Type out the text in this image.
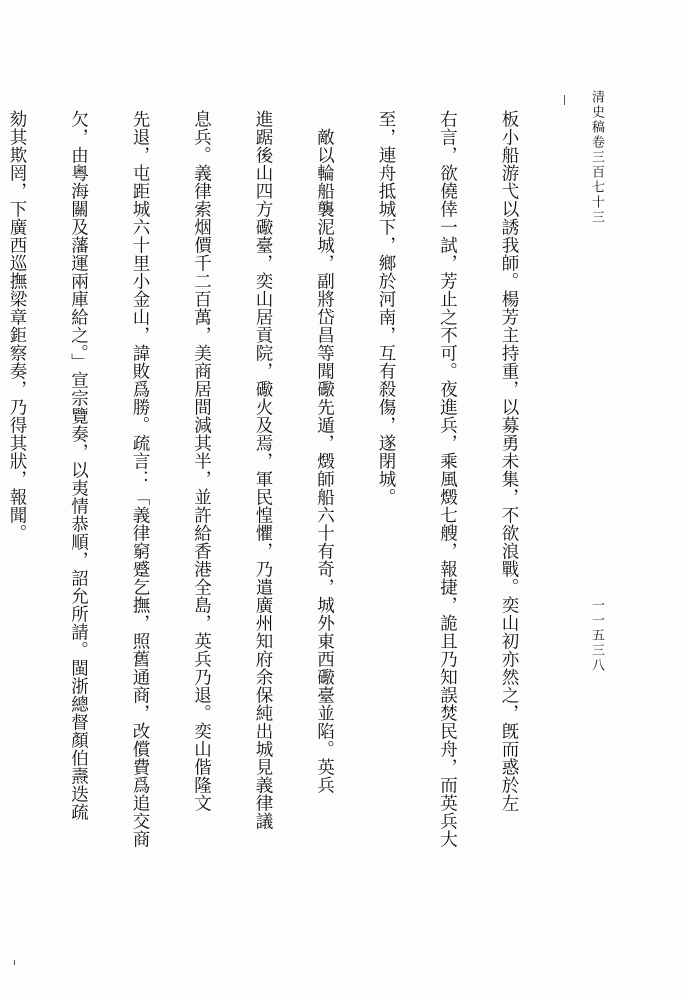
清史稿卷三百七十三
一一五三八

板小船游弋以誘我師。楊芳主持重，以募勇未集，不欲浪戰。奕山初亦然之，旣而惑於左

右言，欲僥倖一試，芳止之不可。夜進兵，乘風燬七艘，報捷，詭且乃知誤焚民舟，而英兵大

至，連舟抵城下，鄉於河南，互有殺傷，遂閉城。

　敵以輪船襲泥城，副將岱昌等聞礮先遁，燬師船六十有奇，城外東西礮臺並陷。英兵

進踞後山四方礮臺，奕山居貢院，礮火及焉，軍民惶懼，乃遣廣州知府余保純出城見義律議

息兵。義律索烟價千二百萬，美商居間減其半，並許給香港全島，英兵乃退。奕山偕隆文

先退，屯距城六十里小金山，諱敗爲勝。疏言：「義律窮蹙乞撫，照舊通商，改償費爲追交商

欠，由粵海關及藩運兩庫給之。」宣宗覽奏，以夷情恭順，詔允所請。閩浙總督顏伯燾迭疏

劾其欺罔，下廣西巡撫梁章鉅察奏，乃得其狀，報聞。
